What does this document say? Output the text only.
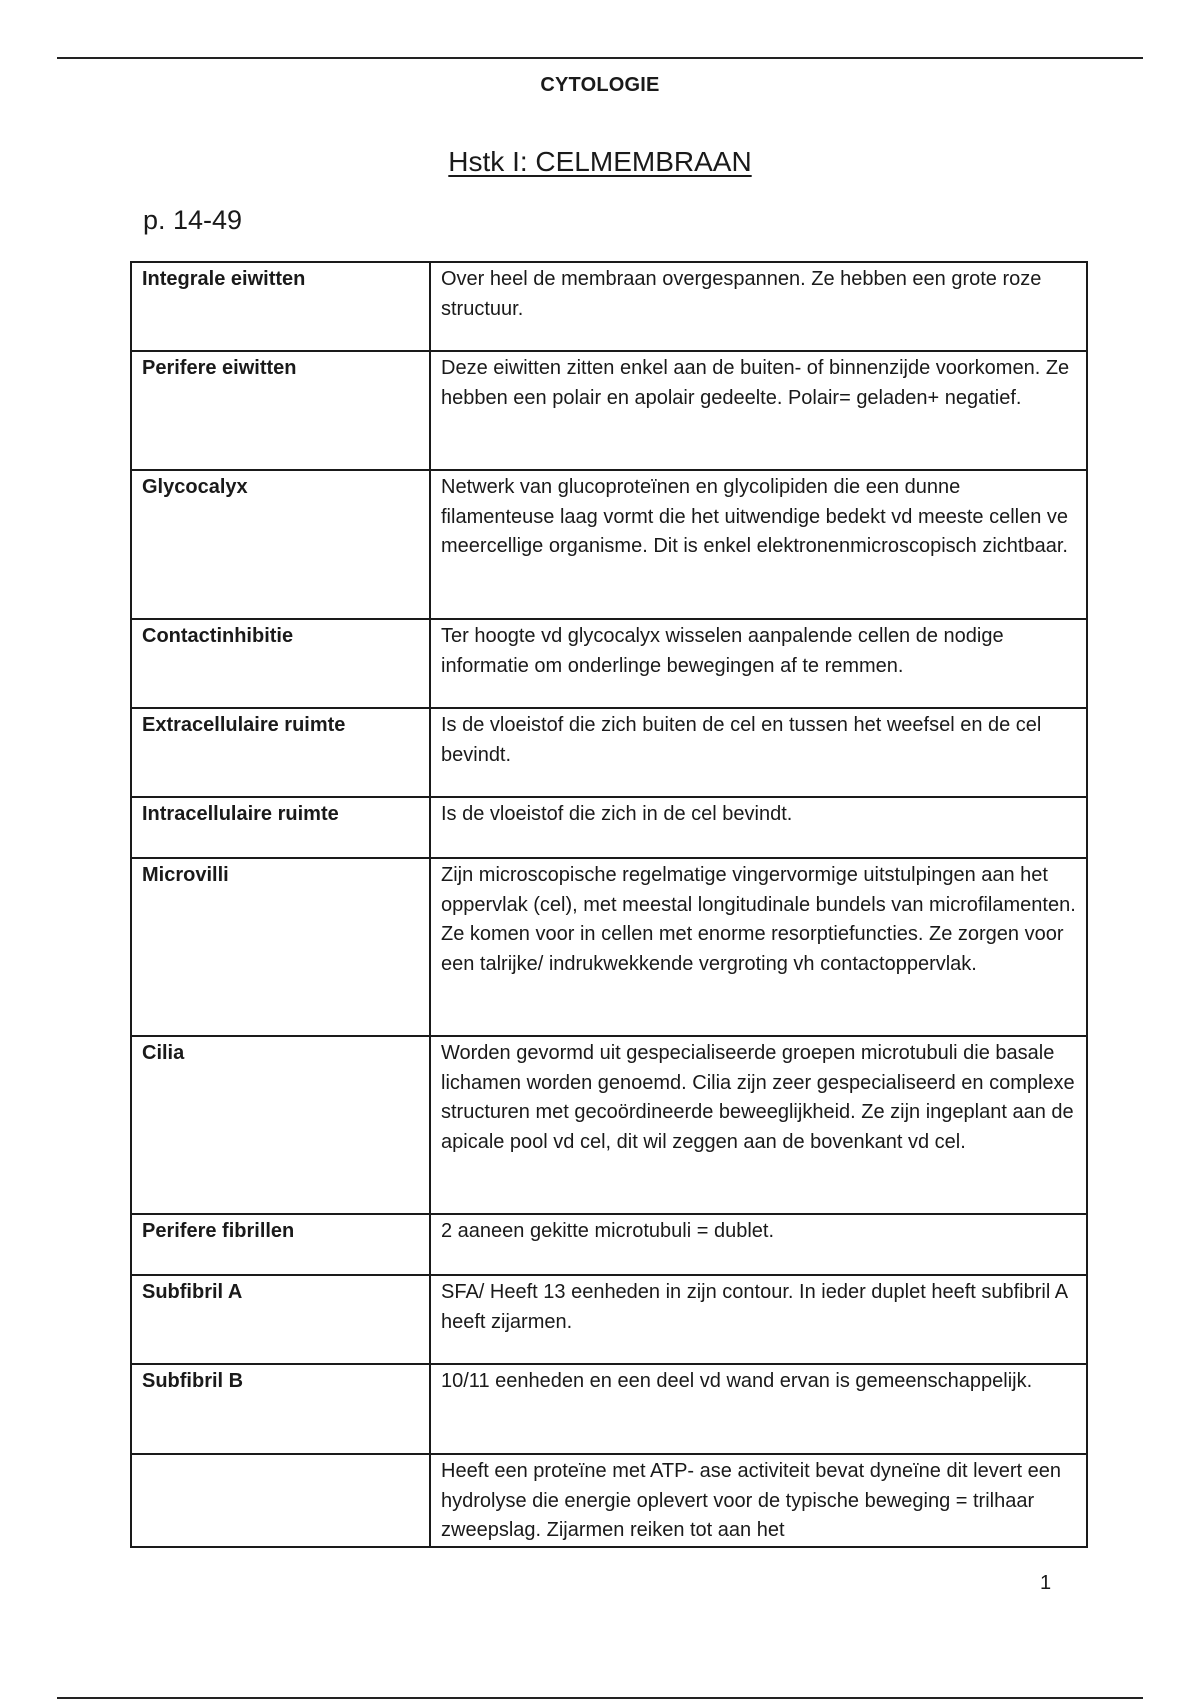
CYTOLOGIE
Hstk I: CELMEMBRAAN
p. 14-49
Integrale eiwitten	Over heel de membraan overgespannen. Ze hebben een grote roze structuur.
Perifere eiwitten	Deze eiwitten zitten enkel aan de buiten- of binnenzijde voorkomen. Ze hebben een polair en apolair gedeelte. Polair= geladen+ negatief.
Glycocalyx	Netwerk van glucoproteïnen en glycolipiden die een dunne filamenteuse laag vormt die het uitwendige bedekt vd meeste cellen ve meercellige organisme. Dit is enkel elektronenmicroscopisch zichtbaar.
Contactinhibitie	Ter hoogte vd glycocalyx wisselen aanpalende cellen de nodige informatie om onderlinge bewegingen af te remmen.
Extracellulaire ruimte	Is de vloeistof die zich buiten de cel en tussen het weefsel en de cel bevindt.
Intracellulaire ruimte	Is de vloeistof die zich in de cel bevindt.
Microvilli	Zijn microscopische regelmatige vingervormige uitstulpingen aan het oppervlak (cel), met meestal longitudinale bundels van microfilamenten. Ze komen voor in cellen met enorme resorptiefuncties. Ze zorgen voor een talrijke/ indrukwekkende vergroting vh contactoppervlak.
Cilia	Worden gevormd uit gespecialiseerde groepen microtubuli die basale lichamen worden genoemd. Cilia zijn zeer gespecialiseerd en complexe structuren met gecoördineerde beweeglijkheid. Ze zijn ingeplant aan de apicale pool vd cel, dit wil zeggen aan de bovenkant vd cel.
Perifere fibrillen	2 aaneen gekitte microtubuli = dublet.
Subfibril A	SFA/ Heeft 13 eenheden in zijn contour. In ieder duplet heeft subfibril A heeft zijarmen.
Subfibril B	10/11 eenheden en een deel vd wand ervan is gemeenschappelijk.
	Heeft een proteïne met ATP- ase activiteit bevat dyneïne dit levert een hydrolyse die energie oplevert voor de typische beweging = trilhaar zweepslag. Zijarmen reiken tot aan het
1
